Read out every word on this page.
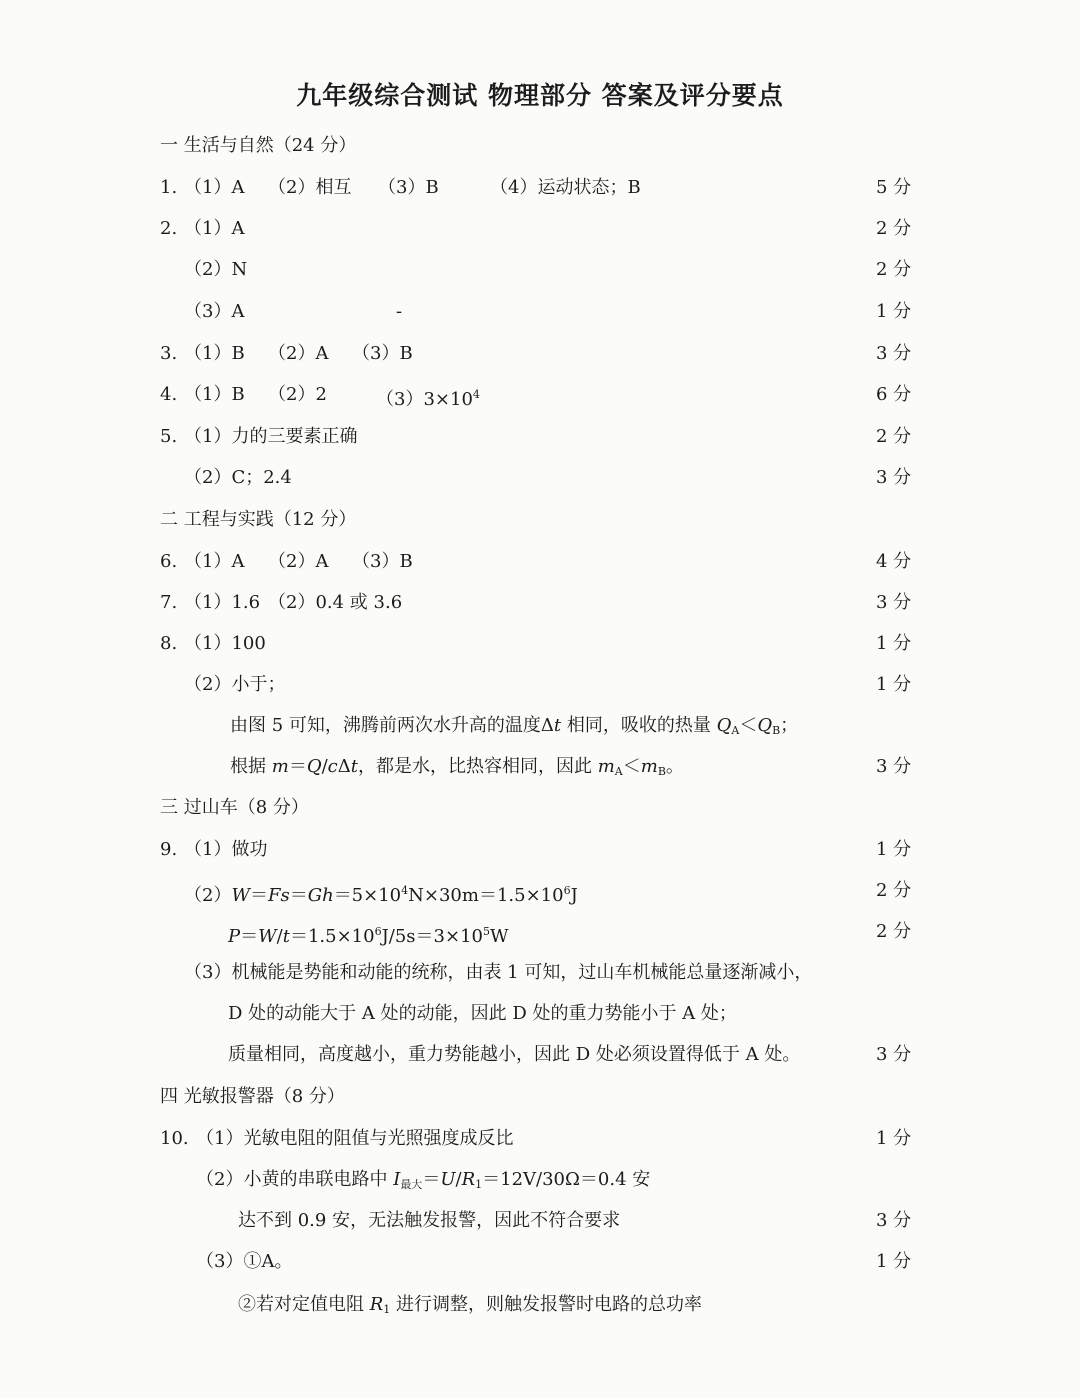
九年级综合测试 物理部分 答案及评分要点
一 生活与自然（24 分）
1. （1）A （2）相互 （3）B	（4）运动状态；B	5 分
2. （1）A	2 分
（2）N	2 分
（3）A	-	1 分
3. （1）B （2）A （3）B	3 分
4. （1）B （2）2	$(3)3\times 10^4$	6 分
5. （1）力的三要素正确	2 分
（2）C；2.4	3 分
二 工程与实践（12 分）
6. （1）A （2）A （3）B	4 分
7. （1）1.6 （2）0.4 或 3.6	3 分
8. （1）100	1 分
（2）小于；	1 分
由图 5 可知，沸腾前两次水升高的温度Δt 相同，吸收的热量 $Q_A<Q_B$；
根据 m＝Q/cΔt，都是水，比热容相同，因此 $m_A<m_B$。	3 分
三 过山车（8 分）
9. （1）做功	1 分
$(2)W=Fs=Gh=5\times 10^4N\times 30m=1.5\times 10^6J$	2 分
$P=W/t=1.5\times 10^6J/5s=3\times 10^5W$	2 分
（3）机械能是势能和动能的统称，由表 1 可知，过山车机械能总量逐渐减小，
D 处的动能大于 A 处的动能，因此 D 处的重力势能小于 A 处；
质量相同，高度越小，重力势能越小，因此 D 处必须设置得低于 A 处。	3 分
四 光敏报警器（8 分）
10. （1）光敏电阻的阻值与光照强度成反比	1 分
（2）小黄的串联电路中 $I_{最大}=U/R_1=12V/30\Omega=0.4$ 安
达不到 0.9 安，无法触发报警，因此不符合要求	3 分
（3）①A。	1 分
②若对定值电阻 $R_1$ 进行调整，则触发报警时电路的总功率
